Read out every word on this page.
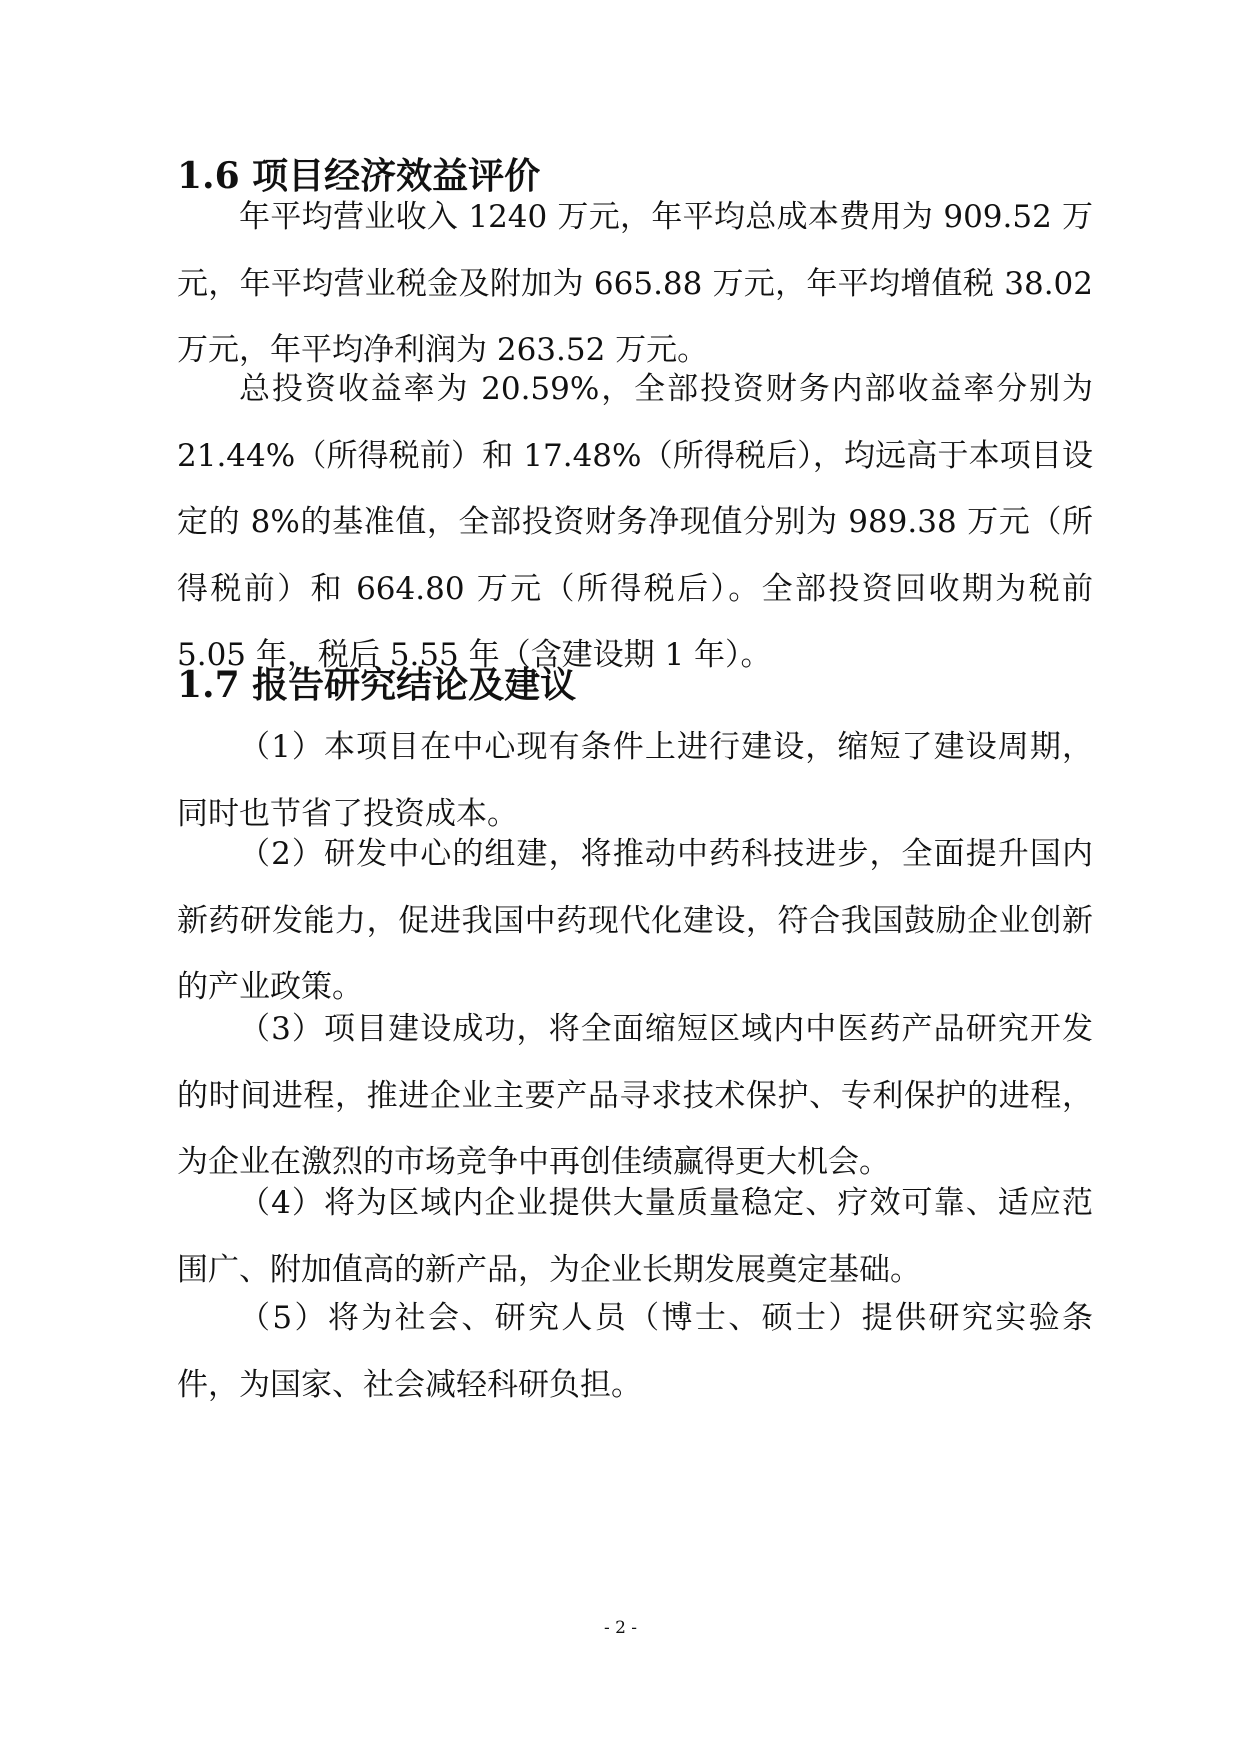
1.6 项目经济效益评价

年平均营业收入 1240 万元，年平均总成本费用为 909.52 万元，年平均营业税金及附加为 665.88 万元，年平均增值税 38.02 万元，年平均净利润为 263.52 万元。

总投资收益率为 20.59%，全部投资财务内部收益率分别为 21.44%（所得税前）和 17.48%（所得税后），均远高于本项目设定的 8%的基准值，全部投资财务净现值分别为 989.38 万元（所得税前）和 664.80 万元（所得税后）。全部投资回收期为税前 5.05 年，税后 5.55 年（含建设期 1 年）。

1.7 报告研究结论及建议

（1）本项目在中心现有条件上进行建设，缩短了建设周期，同时也节省了投资成本。

（2）研发中心的组建，将推动中药科技进步，全面提升国内新药研发能力，促进我国中药现代化建设，符合我国鼓励企业创新的产业政策。

（3）项目建设成功，将全面缩短区域内中医药产品研究开发的时间进程，推进企业主要产品寻求技术保护、专利保护的进程，为企业在激烈的市场竞争中再创佳绩赢得更大机会。

（4）将为区域内企业提供大量质量稳定、疗效可靠、适应范围广、附加值高的新产品，为企业长期发展奠定基础。

（5）将为社会、研究人员（博士、硕士）提供研究实验条件，为国家、社会减轻科研负担。

- 2 -
